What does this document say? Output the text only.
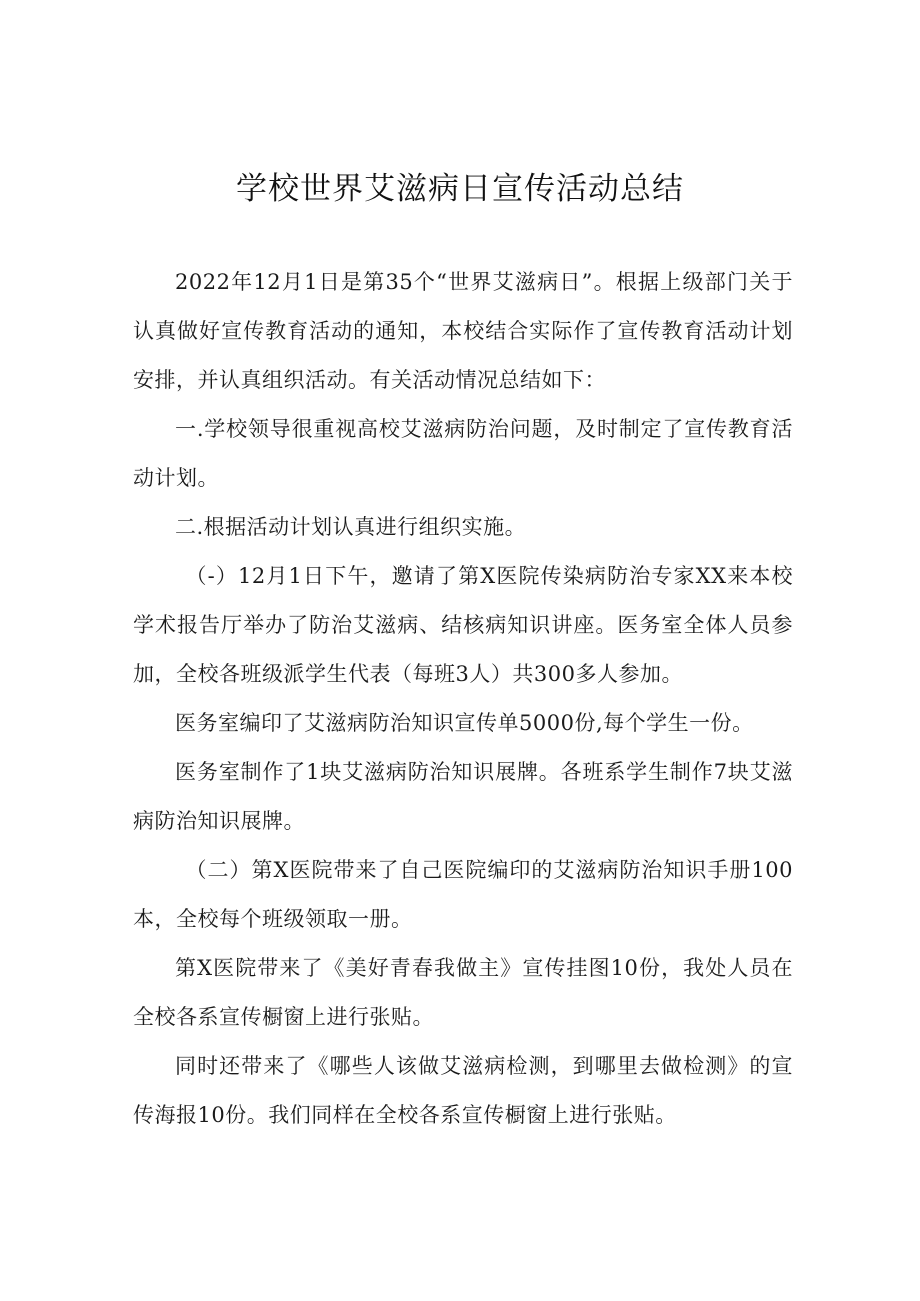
学校世界艾滋病日宣传活动总结

2022年12月1日是第35个“世界艾滋病日”。根据上级部门关于认真做好宣传教育活动的通知，本校结合实际作了宣传教育活动计划安排，并认真组织活动。有关活动情况总结如下：

一.学校领导很重视高校艾滋病防治问题，及时制定了宣传教育活动计划。

二.根据活动计划认真进行组织实施。

（-）12月1日下午，邀请了第X医院传染病防治专家XX来本校学术报告厅举办了防治艾滋病、结核病知识讲座。医务室全体人员参加，全校各班级派学生代表（每班3人）共300多人参加。

医务室编印了艾滋病防治知识宣传单5000份,每个学生一份。

医务室制作了1块艾滋病防治知识展牌。各班系学生制作7块艾滋病防治知识展牌。

（二）第X医院带来了自己医院编印的艾滋病防治知识手册100本，全校每个班级领取一册。

第X医院带来了《美好青春我做主》宣传挂图10份，我处人员在全校各系宣传橱窗上进行张贴。

同时还带来了《哪些人该做艾滋病检测，到哪里去做检测》的宣传海报10份。我们同样在全校各系宣传橱窗上进行张贴。
